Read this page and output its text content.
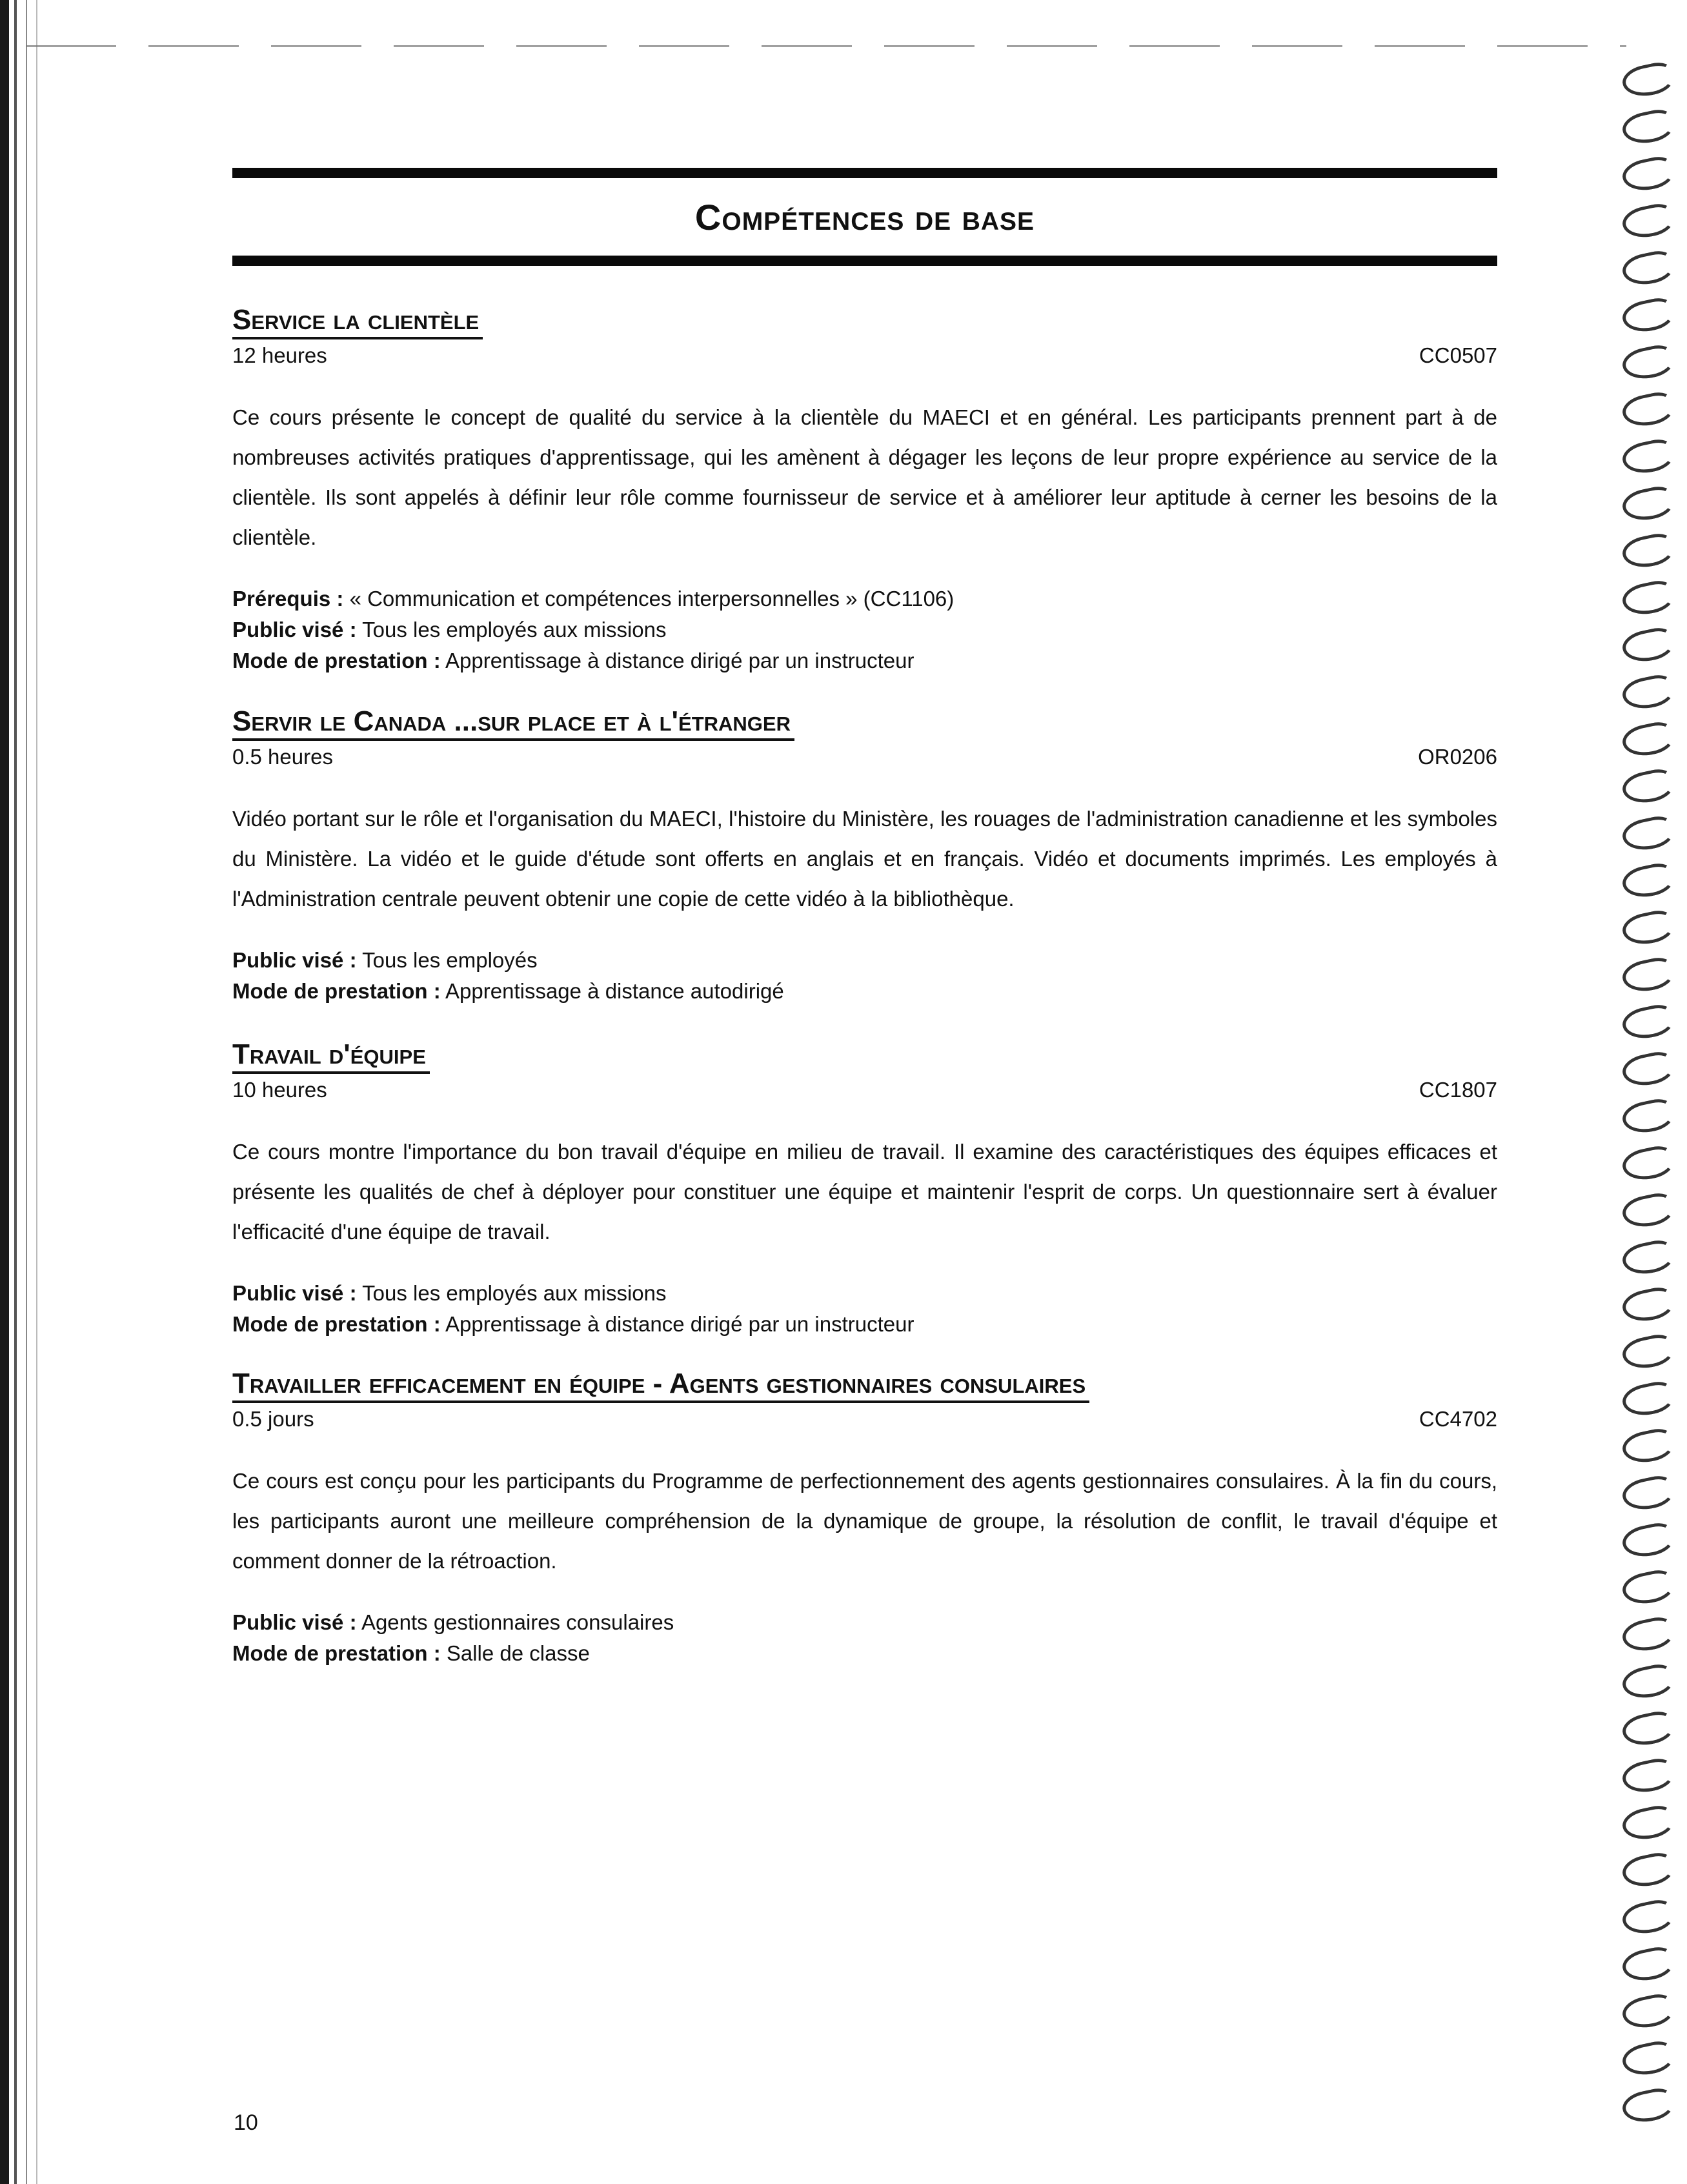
Compétences de base
Service la clientèle
12 heures	CC0507

Ce cours présente le concept de qualité du service à la clientèle du MAECI et en général. Les participants prennent part à de nombreuses activités pratiques d'apprentissage, qui les amènent à dégager les leçons de leur propre expérience au service de la clientèle. Ils sont appelés à définir leur rôle comme fournisseur de service et à améliorer leur aptitude à cerner les besoins de la clientèle.

Prérequis : « Communication et compétences interpersonnelles » (CC1106)
Public visé : Tous les employés aux missions
Mode de prestation : Apprentissage à distance dirigé par un instructeur
Servir le Canada ...sur place et à l'étranger
0.5 heures	OR0206

Vidéo portant sur le rôle et l'organisation du MAECI, l'histoire du Ministère, les rouages de l'administration canadienne et les symboles du Ministère. La vidéo et le guide d'étude sont offerts en anglais et en français. Vidéo et documents imprimés. Les employés à l'Administration centrale peuvent obtenir une copie de cette vidéo à la bibliothèque.

Public visé : Tous les employés
Mode de prestation : Apprentissage à distance autodirigé
Travail d'équipe
10 heures	CC1807

Ce cours montre l'importance du bon travail d'équipe en milieu de travail. Il examine des caractéristiques des équipes efficaces et présente les qualités de chef à déployer pour constituer une équipe et maintenir l'esprit de corps. Un questionnaire sert à évaluer l'efficacité d'une équipe de travail.

Public visé : Tous les employés aux missions
Mode de prestation : Apprentissage à distance dirigé par un instructeur
Travailler efficacement en équipe - Agents gestionnaires consulaires
0.5 jours	CC4702

Ce cours est conçu pour les participants du Programme de perfectionnement des agents gestionnaires consulaires. À la fin du cours, les participants auront une meilleure compréhension de la dynamique de groupe, la résolution de conflit, le travail d'équipe et comment donner de la rétroaction.

Public visé : Agents gestionnaires consulaires
Mode de prestation : Salle de classe
10
